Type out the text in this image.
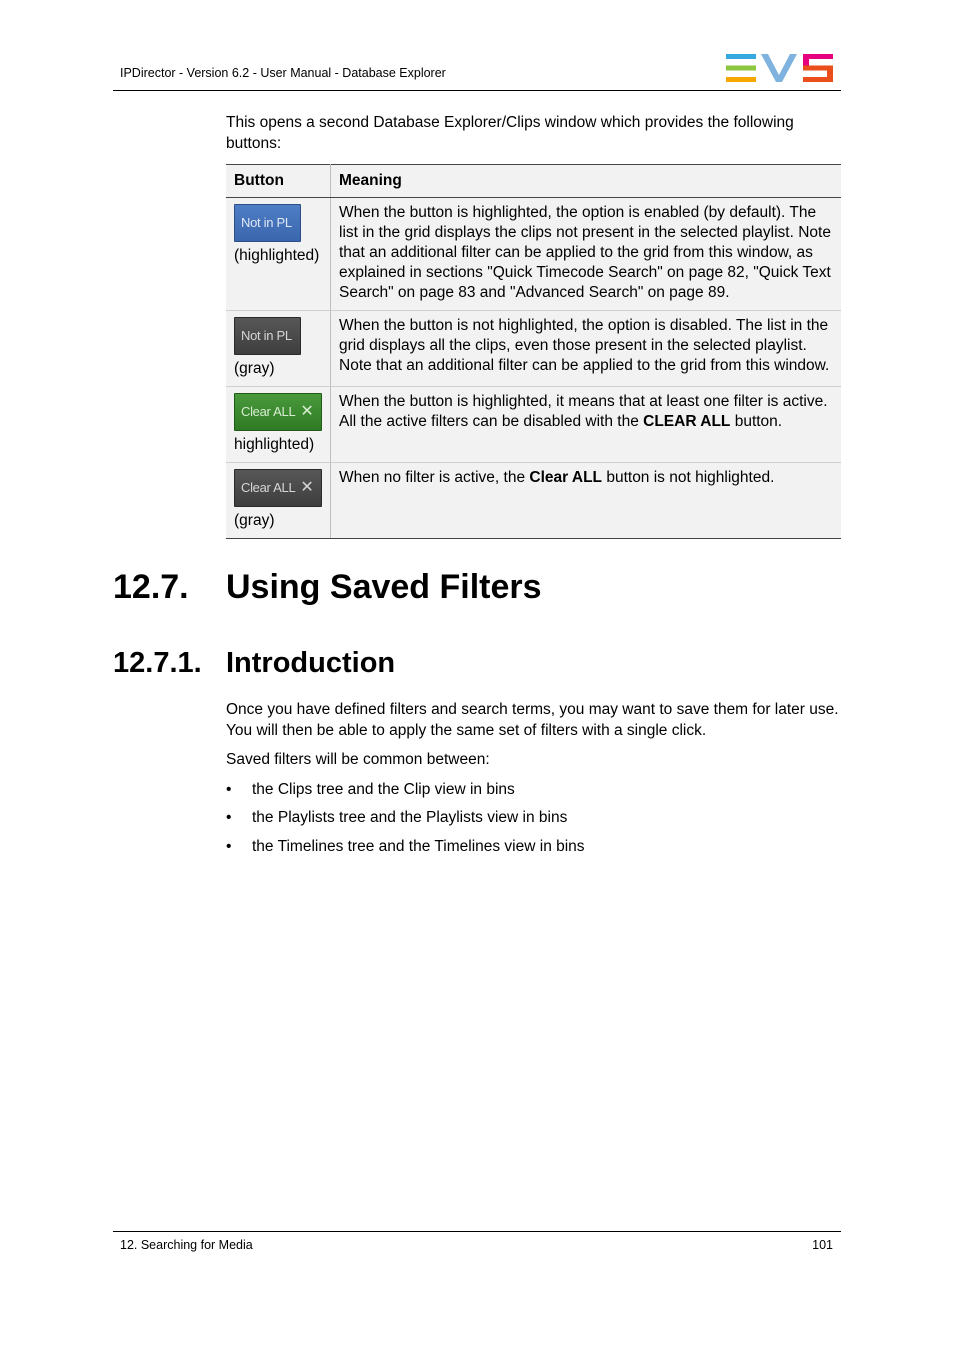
IPDirector - Version 6.2 - User Manual - Database Explorer
This opens a second Database Explorer/Clips window which provides the following buttons:
Button	Meaning

Not in PL
(highlighted)	When the button is highlighted, the option is enabled (by default). The list in the grid displays the clips not present in the selected playlist. Note that an additional filter can be applied to the grid from this window, as explained in sections "Quick Timecode Search" on page 82, "Quick Text Search" on page 83 and "Advanced Search" on page 89.

Not in PL
(gray)	When the button is not highlighted, the option is disabled. The list in the grid displays all the clips, even those present in the selected playlist. Note that an additional filter can be applied to the grid from this window.

Clear ALL ✕
highlighted)	When the button is highlighted, it means that at least one filter is active. All the active filters can be disabled with the CLEAR ALL button.

Clear ALL ✕
(gray)	When no filter is active, the Clear ALL button is not highlighted.
12.7. Using Saved Filters
12.7.1. Introduction

Once you have defined filters and search terms, you may want to save them for later use. You will then be able to apply the same set of filters with a single click.

Saved filters will be common between:

• the Clips tree and the Clip view in bins
• the Playlists tree and the Playlists view in bins
• the Timelines tree and the Timelines view in bins
12. Searching for Media	101
